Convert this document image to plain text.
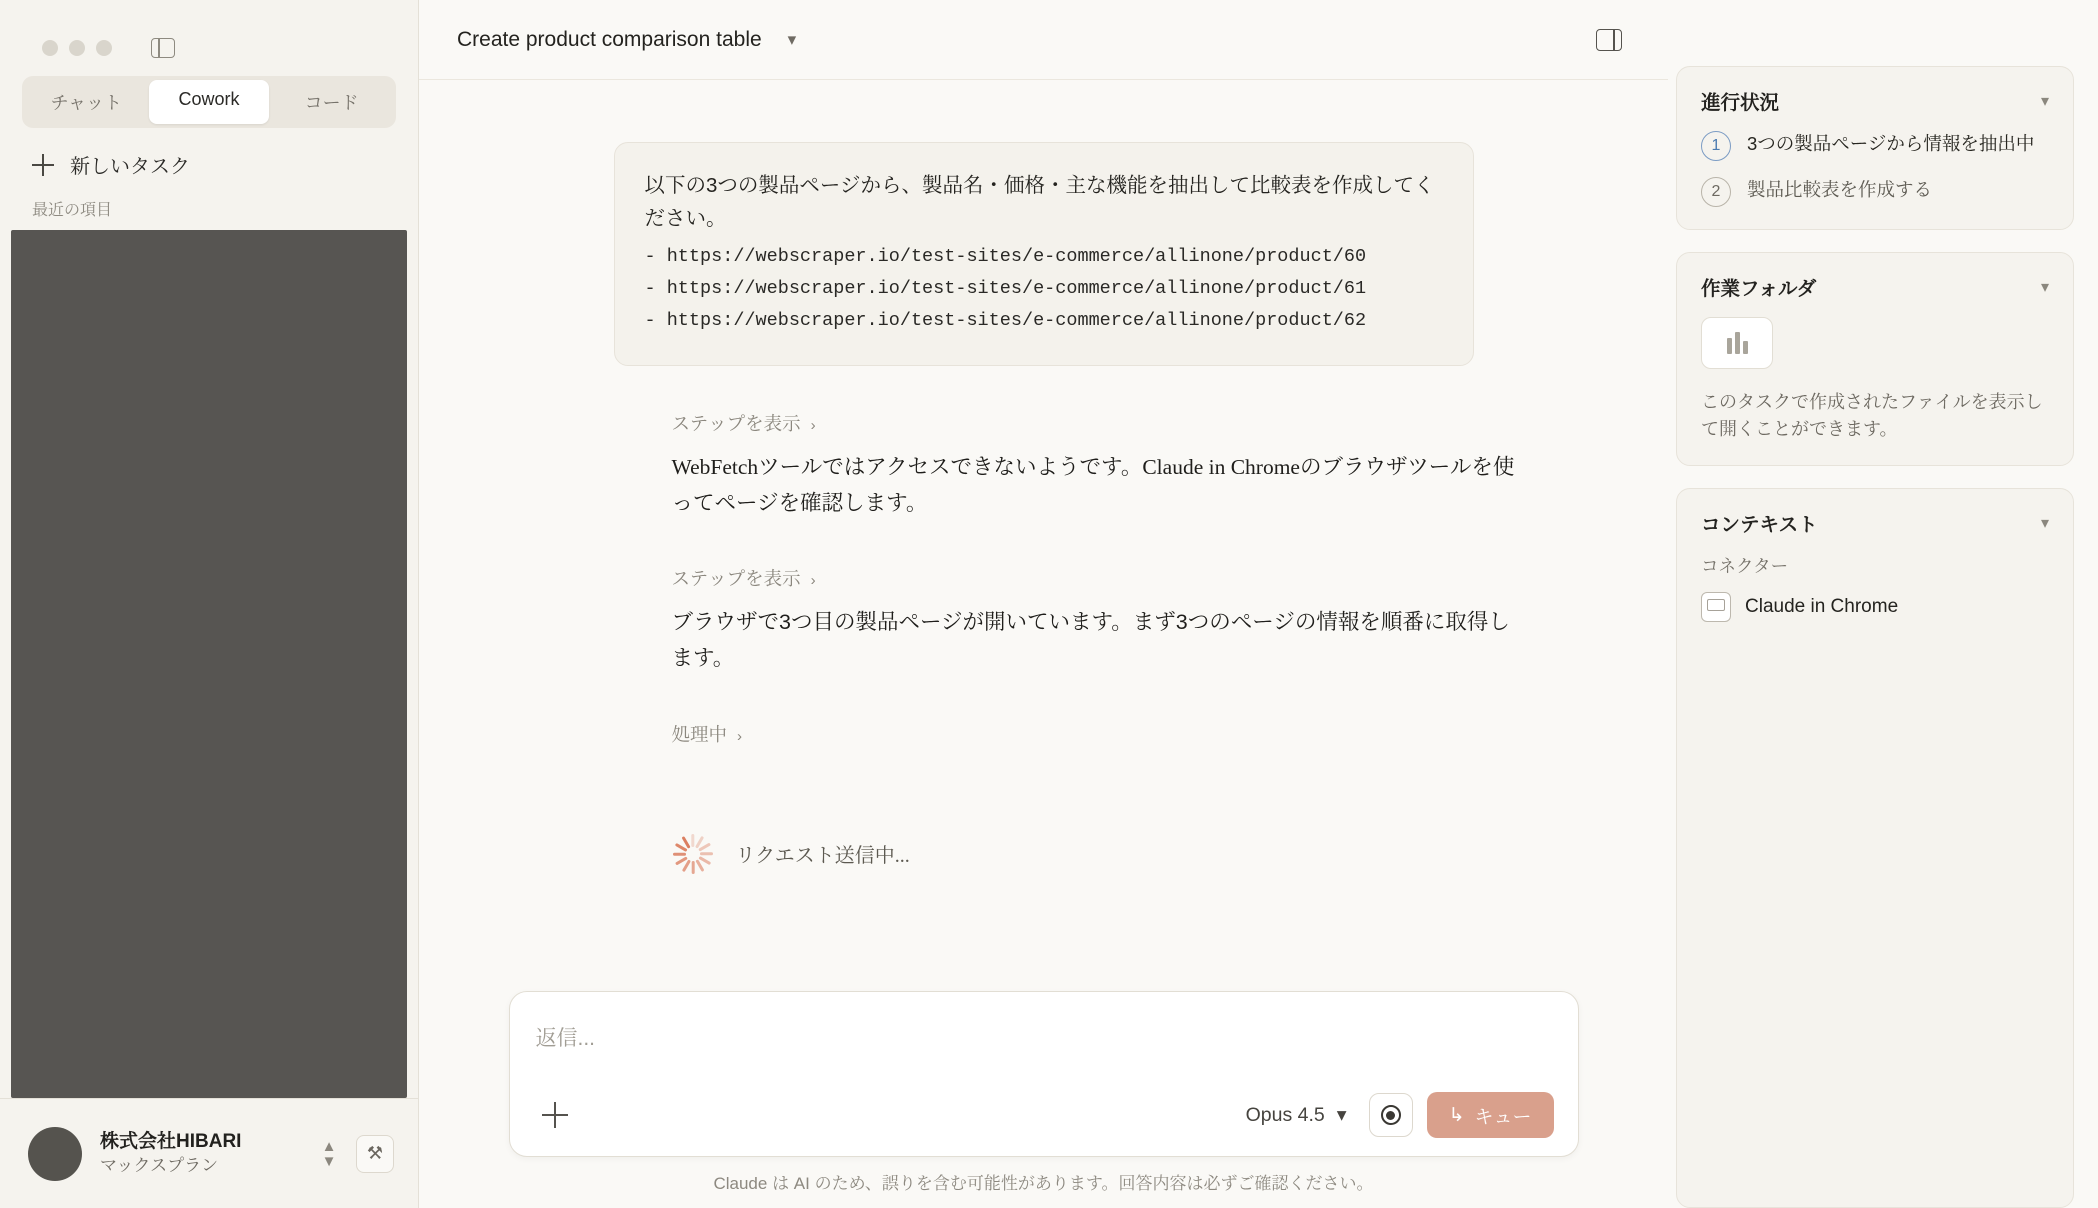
チャット	Cowork	コード
新しいタスク
最近の項目
株式会社HIBARI
マックスプラン
▲
▼	⚒
Create product comparison table ▾

以下の3つの製品ページから、製品名・価格・主な機能を抽出して比較表を作成してください。

- https://webscraper.io/test-sites/e-commerce/allinone/product/60
- https://webscraper.io/test-sites/e-commerce/allinone/product/61
- https://webscraper.io/test-sites/e-commerce/allinone/product/62
ステップを表示 ›

WebFetchツールではアクセスできないようです。Claude in Chromeのブラウザツールを使ってページを確認します。

ステップを表示 ›

ブラウザで3つ目の製品ページが開いています。まず3つのページの情報を順番に取得します。

処理中 ›
リクエスト送信中...
返信...
Opus 4.5 ▾	↳ キュー
Claude は AI のため、誤りを含む可能性があります。回答内容は必ずご確認ください。
進行状況	▾
1	3つの製品ページから情報を抽出中
2	製品比較表を作成する
作業フォルダ	▾
このタスクで作成されたファイルを表示して開くことができます。
コンテキスト	▾
コネクター
Claude in Chrome
